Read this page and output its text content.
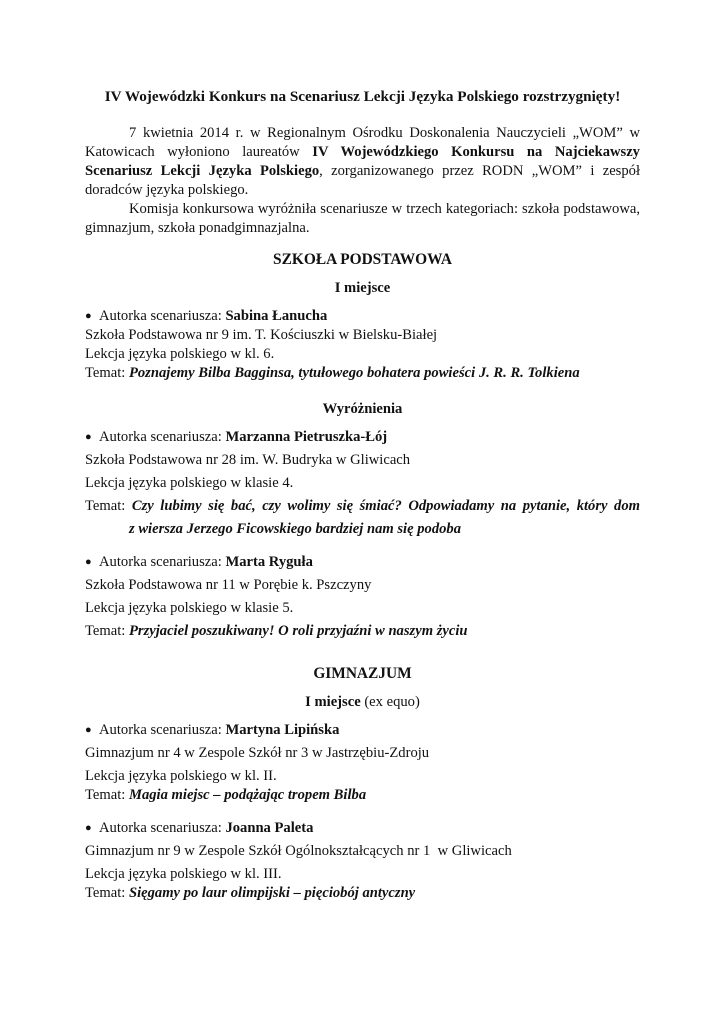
IV Wojewódzki Konkurs na Scenariusz Lekcji Języka Polskiego rozstrzygnięty!

7 kwietnia 2014 r. w Regionalnym Ośrodku Doskonalenia Nauczycieli „WOM” w Katowicach wyłoniono laureatów IV Wojewódzkiego Konkursu na Najciekawszy Scenariusz Lekcji Języka Polskiego, zorganizowanego przez RODN „WOM” i zespół doradców języka polskiego.

Komisja konkursowa wyróżniła scenariusze w trzech kategoriach: szkoła podstawowa, gimnazjum, szkoła ponadgimnazjalna.

SZKOŁA PODSTAWOWA

I miejsce

● Autorka scenariusza: Sabina Łanucha
Szkoła Podstawowa nr 9 im. T. Kościuszki w Bielsku-Białej
Lekcja języka polskiego w kl. 6.
Temat: Poznajemy Bilba Bagginsa, tytułowego bohatera powieści J. R. R. Tolkiena

Wyróżnienia

● Autorka scenariusza: Marzanna Pietruszka-Łój
Szkoła Podstawowa nr 28 im. W. Budryka w Gliwicach
Lekcja języka polskiego w klasie 4.
Temat: Czy lubimy się bać, czy wolimy się śmiać? Odpowiadamy na pytanie, który dom
z wiersza Jerzego Ficowskiego bardziej nam się podoba
● Autorka scenariusza: Marta Ryguła
Szkoła Podstawowa nr 11 w Porębie k. Pszczyny
Lekcja języka polskiego w klasie 5.
Temat: Przyjaciel poszukiwany! O roli przyjaźni w naszym życiu

GIMNAZJUM

I miejsce (ex equo)

● Autorka scenariusza: Martyna Lipińska
Gimnazjum nr 4 w Zespole Szkół nr 3 w Jastrzębiu-Zdroju
Lekcja języka polskiego w kl. II.
Temat: Magia miejsc – podążając tropem Bilba
● Autorka scenariusza: Joanna Paleta
Gimnazjum nr 9 w Zespole Szkół Ogólnokształcących nr 1  w Gliwicach
Lekcja języka polskiego w kl. III.
Temat: Sięgamy po laur olimpijski – pięciobój antyczny
